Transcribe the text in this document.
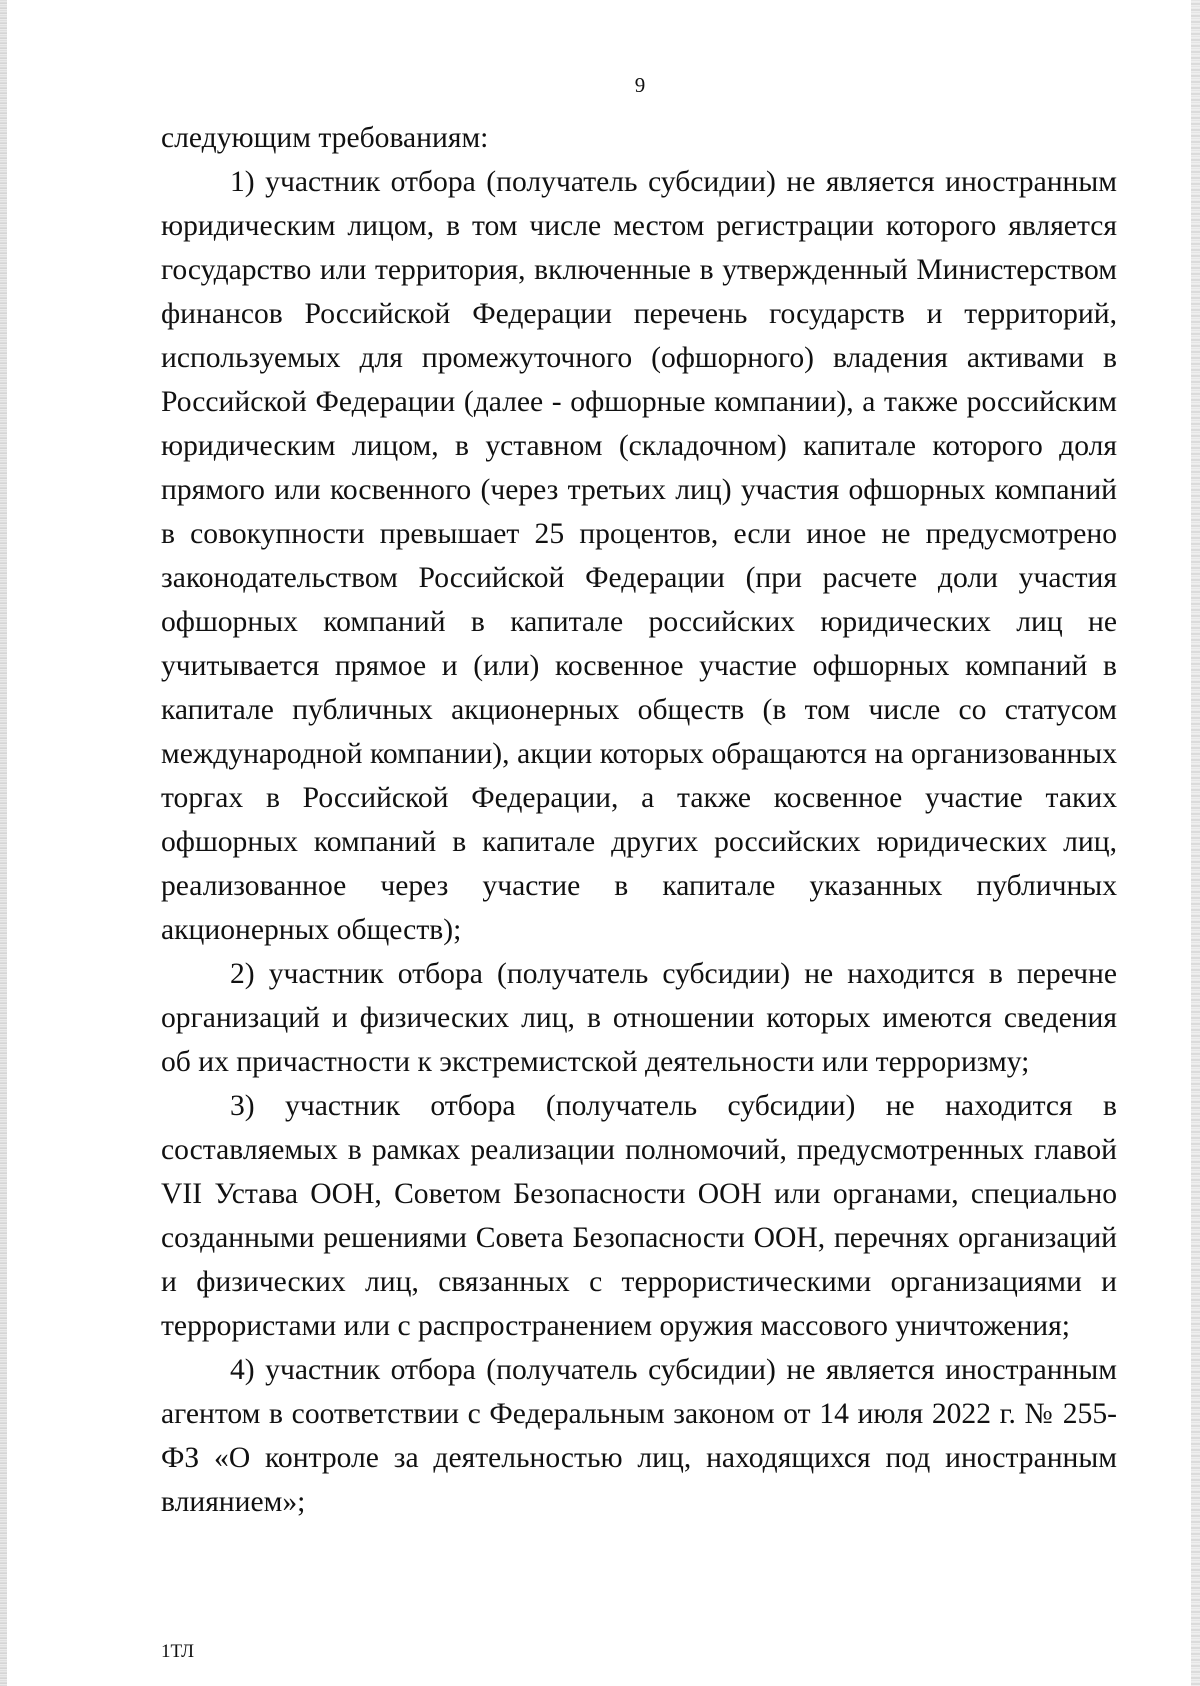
9

следующим требованиям:

1) участник отбора (получатель субсидии) не является иностранным юридическим лицом, в том числе местом регистрации которого является государство или территория, включенные в утвержденный Министерством финансов Российской Федерации перечень государств и территорий, используемых для промежуточного (офшорного) владения активами в Российской Федерации (далее - офшорные компании), а также российским юридическим лицом, в уставном (складочном) капитале которого доля прямого или косвенного (через третьих лиц) участия офшорных компаний в совокупности превышает 25 процентов, если иное не предусмотрено законодательством Российской Федерации (при расчете доли участия офшорных компаний в капитале российских юридических лиц не учитывается прямое и (или) косвенное участие офшорных компаний в капитале публичных акционерных обществ (в том числе со статусом международной компании), акции которых обращаются на организованных торгах в Российской Федерации, а также косвенное участие таких офшорных компаний в капитале других российских юридических лиц, реализованное через участие в капитале указанных публичных акционерных обществ);

2) участник отбора (получатель субсидии) не находится в перечне организаций и физических лиц, в отношении которых имеются сведения об их причастности к экстремистской деятельности или терроризму;

3) участник отбора (получатель субсидии) не находится в составляемых в рамках реализации полномочий, предусмотренных главой VII Устава ООН, Советом Безопасности ООН или органами, специально созданными решениями Совета Безопасности ООН, перечнях организаций и физических лиц, связанных с террористическими организациями и террористами или с распространением оружия массового уничтожения;

4) участник отбора (получатель субсидии) не является иностранным агентом в соответствии с Федеральным законом от 14 июля 2022 г. № 255-ФЗ «О контроле за деятельностью лиц, находящихся под иностранным влиянием»;

1ТЛ
